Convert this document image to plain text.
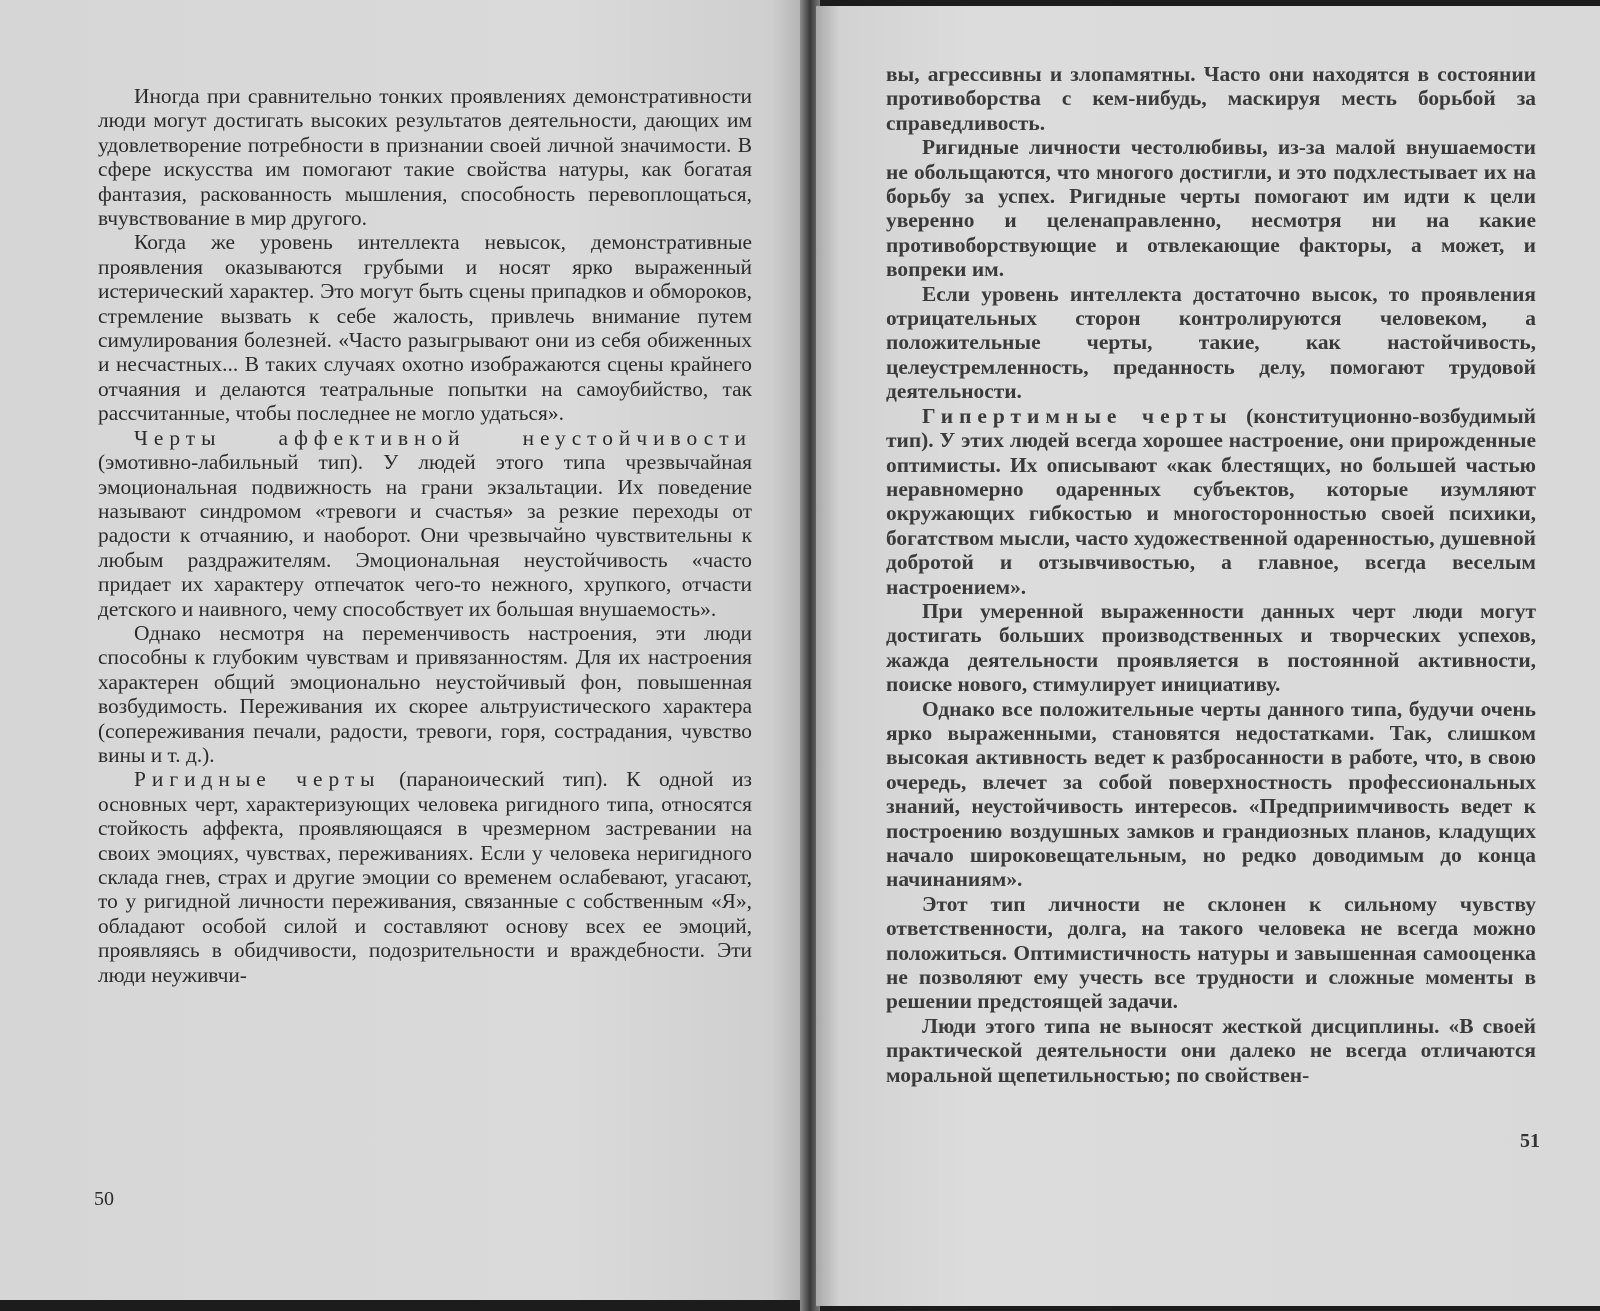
Иногда при сравнительно тонких проявлениях демонстративности люди могут достигать высоких результатов деятельности, дающих им удовлетворение потребности в признании своей личной значимости. В сфере искусства им помогают такие свойства натуры, как богатая фантазия, раскованность мышления, способность перевоплощаться, вчувствование в мир другого.

Когда же уровень интеллекта невысок, демонстративные проявления оказываются грубыми и носят ярко выраженный истерический характер. Это могут быть сцены припадков и обмороков, стремление вызвать к себе жалость, привлечь внимание путем симулирования болезней. «Часто разыгрывают они из себя обиженных и несчастных... В таких случаях охотно изображаются сцены крайнего отчаяния и делаются театральные попытки на самоубийство, так рассчитанные, чтобы последнее не могло удаться».

Черты аффективной неустойчивости (эмотивно-лабильный тип). У людей этого типа чрезвычайная эмоциональная подвижность на грани экзальтации. Их поведение называют синдромом «тревоги и счастья» за резкие переходы от радости к отчаянию, и наоборот. Они чрезвычайно чувствительны к любым раздражителям. Эмоциональная неустойчивость «часто придает их характеру отпечаток чего-то нежного, хрупкого, отчасти детского и наивного, чему способствует их большая внушаемость».

Однако несмотря на переменчивость настроения, эти люди способны к глубоким чувствам и привязанностям. Для их настроения характерен общий эмоционально неустойчивый фон, повышенная возбудимость. Переживания их скорее альтруистического характера (сопереживания печали, радости, тревоги, горя, сострадания, чувство вины и т. д.).

Ригидные черты (параноический тип). К одной из основных черт, характеризующих человека ригидного типа, относятся стойкость аффекта, проявляющаяся в чрезмерном застревании на своих эмоциях, чувствах, переживаниях. Если у человека неригидного склада гнев, страх и другие эмоции со временем ослабевают, угасают, то у ригидной личности переживания, связанные с собственным «Я», обладают особой силой и составляют основу всех ее эмоций, проявляясь в обидчивости, подозрительности и враждебности. Эти люди неуживчи-

50

вы, агрессивны и злопамятны. Часто они находятся в состоянии противоборства с кем-нибудь, маскируя месть борьбой за справедливость.

Ригидные личности честолюбивы, из-за малой внушаемости не обольщаются, что многого достигли, и это подхлестывает их на борьбу за успех. Ригидные черты помогают им идти к цели уверенно и целенаправленно, несмотря ни на какие противоборствующие и отвлекающие факторы, а может, и вопреки им.

Если уровень интеллекта достаточно высок, то проявления отрицательных сторон контролируются человеком, а положительные черты, такие, как настойчивость, целеустремленность, преданность делу, помогают трудовой деятельности.

Гипертимные черты (конституционно-возбудимый тип). У этих людей всегда хорошее настроение, они прирожденные оптимисты. Их описывают «как блестящих, но большей частью неравномерно одаренных субъектов, которые изумляют окружающих гибкостью и многосторонностью своей психики, богатством мысли, часто художественной одаренностью, душевной добротой и отзывчивостью, а главное, всегда веселым настроением».

При умеренной выраженности данных черт люди могут достигать больших производственных и творческих успехов, жажда деятельности проявляется в постоянной активности, поиске нового, стимулирует инициативу.

Однако все положительные черты данного типа, будучи очень ярко выраженными, становятся недостатками. Так, слишком высокая активность ведет к разбросанности в работе, что, в свою очередь, влечет за собой поверхностность профессиональных знаний, неустойчивость интересов. «Предприимчивость ведет к построению воздушных замков и грандиозных планов, кладущих начало широковещательным, но редко доводимым до конца начинаниям».

Этот тип личности не склонен к сильному чувству ответственности, долга, на такого человека не всегда можно положиться. Оптимистичность натуры и завышенная самооценка не позволяют ему учесть все трудности и сложные моменты в решении предстоящей задачи.

Люди этого типа не выносят жесткой дисциплины. «В своей практической деятельности они далеко не всегда отличаются моральной щепетильностью; по свойствен-

51
